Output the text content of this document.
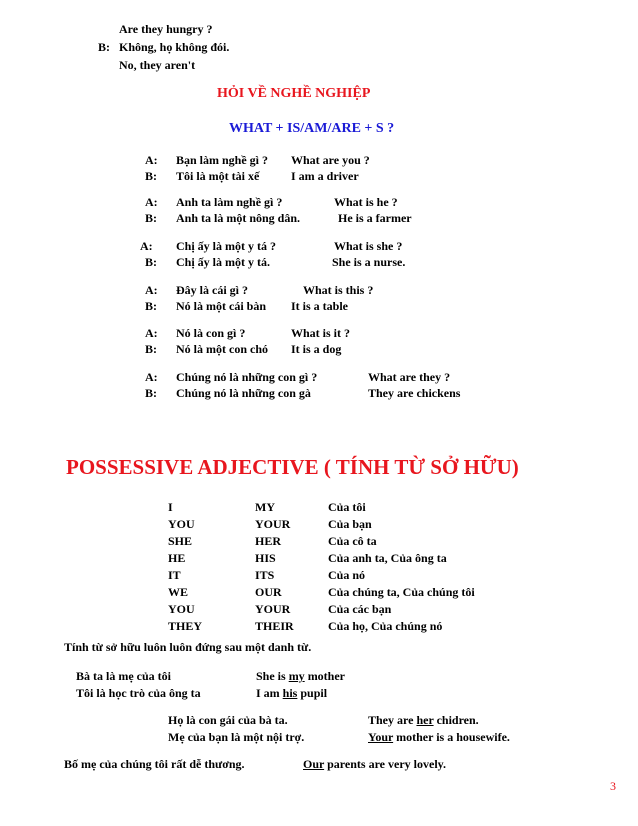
Are they hungry ?
B: Không, họ không đói.
No, they aren't
HỎI VỀ NGHỀ NGHIỆP
WHAT + IS/AM/ARE + S ?
A: Bạn làm nghề gì ? What are you ?
B: Tôi là một tài xế	I am a driver
A: Anh ta làm nghề gì ?	What is he ?
B: Anh ta là một nông dân.	He is a farmer
A: Chị ấy là một y tá ?	What is she ?
B: Chị ấy là một y tá.	She is a nurse.
A: Đây là cái gì ?	What is this ?
B: Nó là một cái bàn It is a table
A: Nó là con gì ?	What is it ?
B: Nó là một con chó It is a dog
A: Chúng nó là những con gì ?	What are they ?
B: Chúng nó là những con gà	They are chickens
POSSESSIVE ADJECTIVE ( TÍNH TỪ SỞ HỮU)
I	MY	Của tôi
YOU	YOUR	Của bạn
SHE	HER	Của cô ta
HE	HIS	Của anh ta, Của ông ta
IT	ITS	Của nó
WE	OUR	Của chúng ta, Của chúng tôi
YOU	YOUR	Của các bạn
THEY	THEIR	Của họ, Của chúng nó
Tính từ sở hữu luôn luôn đứng sau một danh từ.
Bà ta là mẹ của tôi	She is my mother
Tôi là học trò của ông ta	I am his pupil
Họ là con gái của bà ta.	They are her chidren.
Mẹ của bạn là một nội trợ.	Your mother is a housewife.
Bố mẹ của chúng tôi rất dễ thương.	Our parents are very lovely.
3
